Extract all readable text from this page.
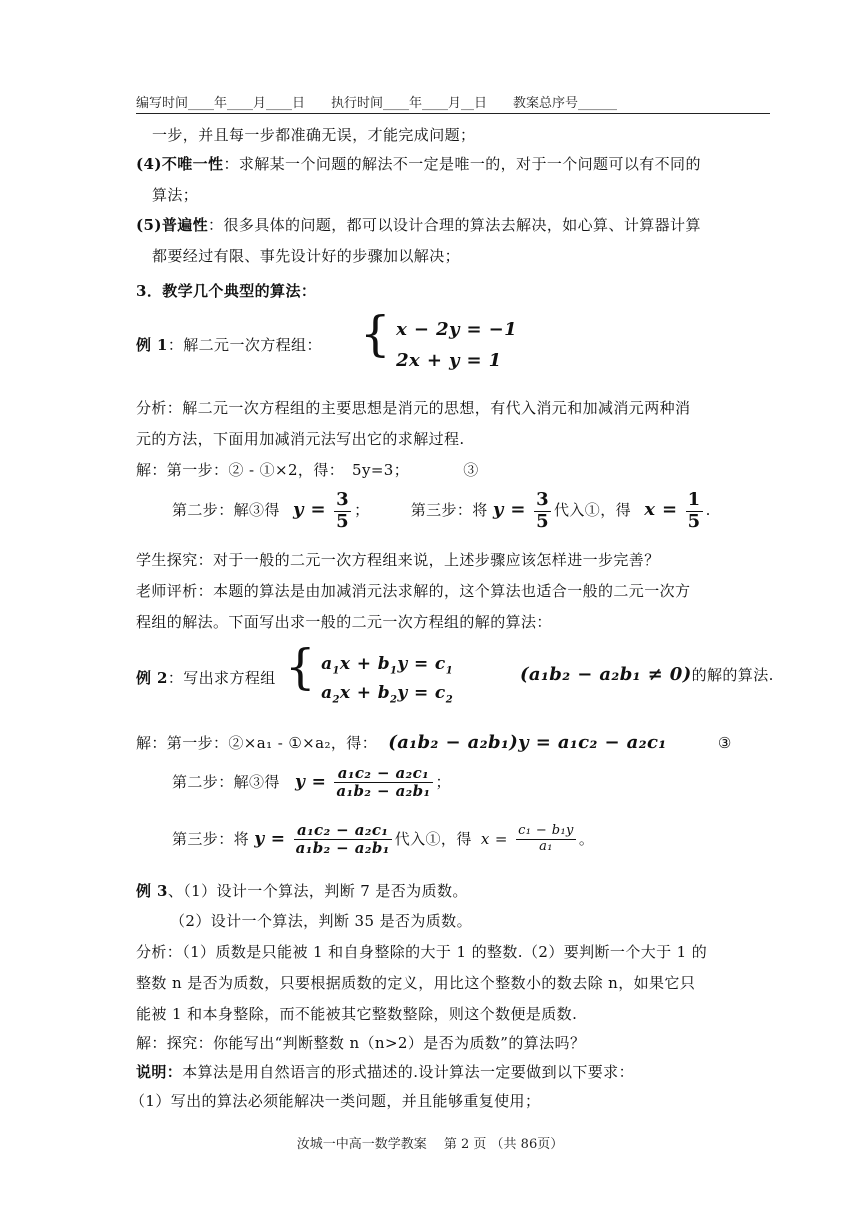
编写时间____年____月____日　　执行时间____年____月__日　　教案总序号______
一步，并且每一步都准确无误，才能完成问题；
(4)不唯一性：求解某一个问题的解法不一定是唯一的，对于一个问题可以有不同的
算法；
(5)普遍性：很多具体的问题，都可以设计合理的算法去解决，如心算、计算器计算
都要经过有限、事先设计好的步骤加以解决；
3．教学几个典型的算法：
例 1：解二元一次方程组： { x − 2y = −1
2x + y = 1
分析：解二元一次方程组的主要思想是消元的思想，有代入消元和加减消元两种消
元的方法，下面用加减消元法写出它的求解过程.
解：第一步：② - ①×2，得：　5y=3；　　　　③
第二步：解③得 $y = \frac{3}{5}$ ；	第三步：将 $y = \frac{3}{5}$ 代入①，得 $x = \frac{1}{5}$ .
学生探究：对于一般的二元一次方程组来说，上述步骤应该怎样进一步完善？
老师评析：本题的算法是由加减消元法求解的，这个算法也适合一般的二元一次方
程组的解法。下面写出求一般的二元一次方程组的解的算法：
例 2：写出求方程组 { $a_1x + b_1y = c_1$
$a_2x + b_2y = c_2$
(a₁b₂ − a₂b₁ ≠ 0)的解的算法.
解：第一步：②×a₁ - ①×a₂，得： (a₁b₂ − a₂b₁)y = a₁c₂ − a₂c₁	③
第二步：解③得 $y = \frac{\text{a₁c₂ − a₂c₁}}{\text{a₁b₂ − a₂b₁}}$ ；
第三步：将 $y = \frac{\text{a₁c₂ − a₂c₁}}{\text{a₁b₂ − a₂b₁}}$ 代入①，得 $x = \frac{\text{c₁ − b₁y}}{\text{a₁}}$ 。
例 3、（1）设计一个算法，判断 7 是否为质数。
（2）设计一个算法，判断 35 是否为质数。
分析：（1）质数是只能被 1 和自身整除的大于 1 的整数.（2）要判断一个大于 1 的
整数 n 是否为质数，只要根据质数的定义，用比这个整数小的数去除 n，如果它只
能被 1 和本身整除，而不能被其它整数整除，则这个数便是质数.
解：探究：你能写出“判断整数 n（n>2）是否为质数”的算法吗？
说明：本算法是用自然语言的形式描述的.设计算法一定要做到以下要求：
（1）写出的算法必须能解决一类问题，并且能够重复使用；
汝城一中高一数学教案　 第 2 页 （共 86页）
